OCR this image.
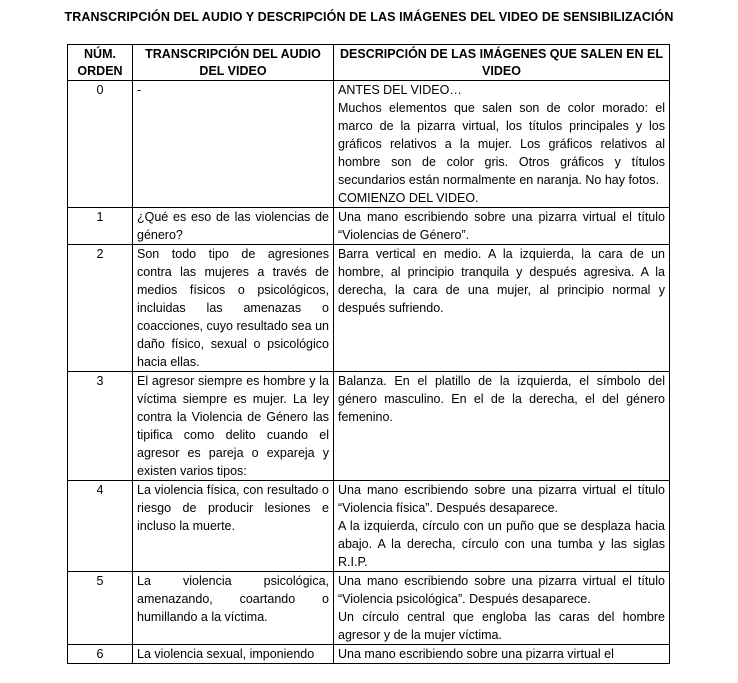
TRANSCRIPCIÓN DEL AUDIO Y DESCRIPCIÓN DE LAS IMÁGENES DEL VIDEO DE SENSIBILIZACIÓN
NÚM. ORDEN	TRANSCRIPCIÓN DEL AUDIO DEL VIDEO	DESCRIPCIÓN DE LAS IMÁGENES QUE SALEN EN EL VIDEO
0	-	ANTES DEL VIDEO…

Muchos elementos que salen son de color morado: el marco de la pizarra virtual, los títulos principales y los gráficos relativos a la mujer. Los gráficos relativos al hombre son de color gris. Otros gráficos y títulos secundarios están normalmente en naranja. No hay fotos.

COMIENZO DEL VIDEO.

1	¿Qué es eso de las violencias de género?	Una mano escribiendo sobre una pizarra virtual el título “Violencias de Género”.

2	Son todo tipo de agresiones contra las mujeres a través de medios físicos o psicológicos, incluidas las amenazas o coacciones, cuyo resultado sea un daño físico, sexual o psicológico hacia ellas.	Barra vertical en medio. A la izquierda, la cara de un hombre, al principio tranquila y después agresiva. A la derecha, la cara de una mujer, al principio normal y después sufriendo.

3	El agresor siempre es hombre y la víctima siempre es mujer. La ley contra la Violencia de Género las tipifica como delito cuando el agresor es pareja o expareja y existen varios tipos:	Balanza. En el platillo de la izquierda, el símbolo del género masculino. En el de la derecha, el del género femenino.

4	La violencia física, con resultado o riesgo de producir lesiones e incluso la muerte.	Una mano escribiendo sobre una pizarra virtual el título “Violencia física”. Después desaparece.

A la izquierda, círculo con un puño que se desplaza hacia abajo. A la derecha, círculo con una tumba y las siglas R.I.P.

5	La violencia psicológica, amenazando, coartando o humillando a la víctima.	Una mano escribiendo sobre una pizarra virtual el título “Violencia psicológica”. Después desaparece.

Un círculo central que engloba las caras del hombre agresor y de la mujer víctima.

6	La violencia sexual, imponiendo	Una mano escribiendo sobre una pizarra virtual el
